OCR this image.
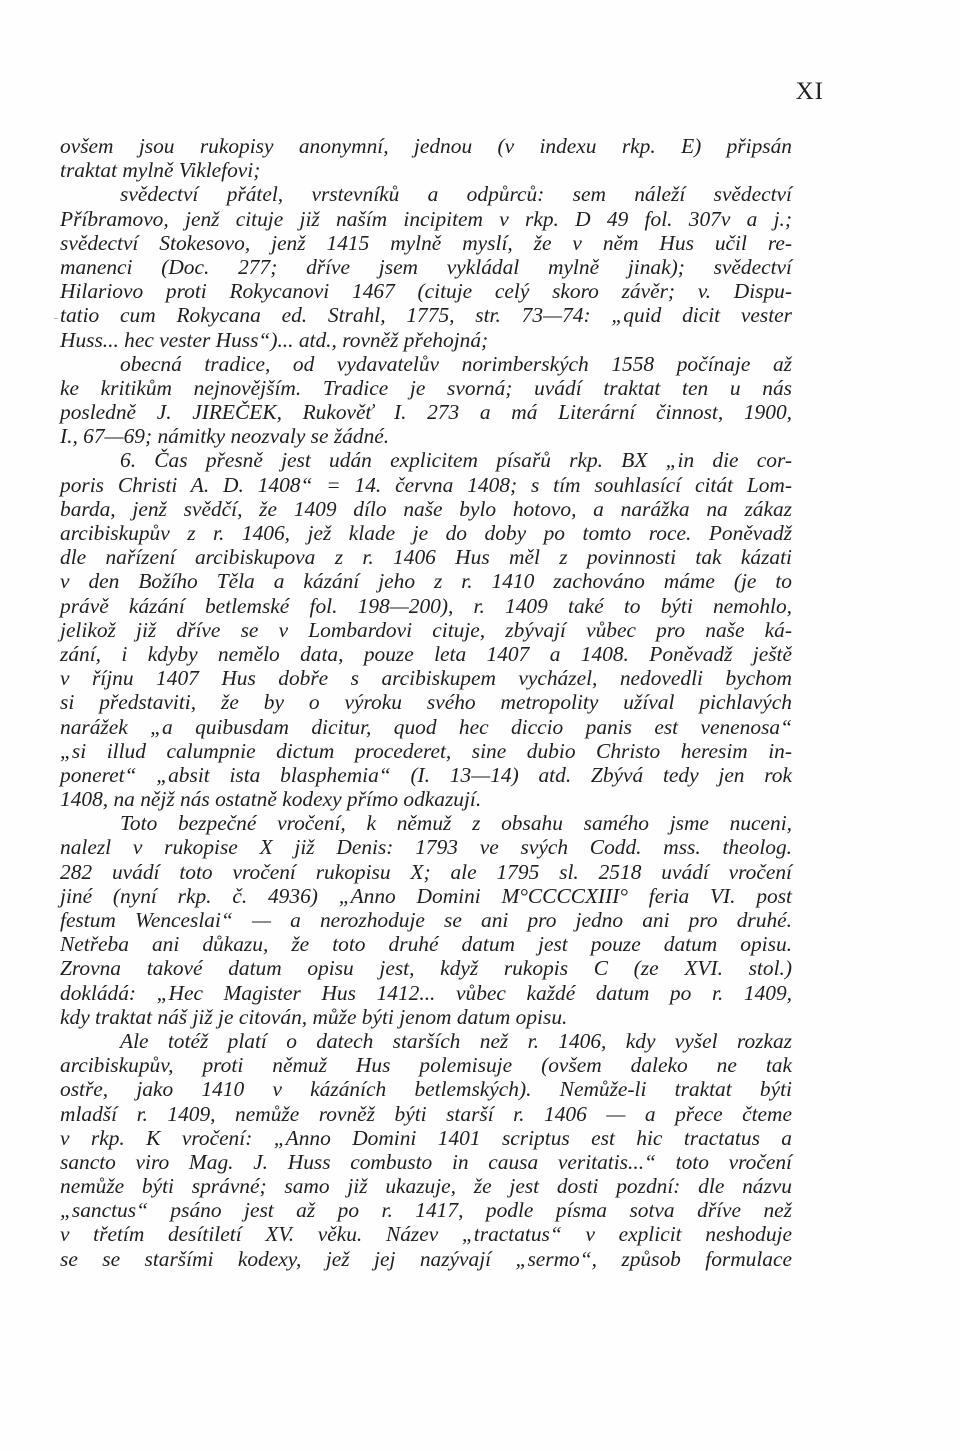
XI
ovšem jsou rukopisy anonymní, jednou (v indexu rkp. E) připsán
traktat mylně Viklefovi;
svědectví přátel, vrstevníků a odpůrců: sem náleží svědectví
Příbramovo, jenž cituje již naším incipitem v rkp. D 49 fol. 307v a j.;
svědectví Stokesovo, jenž 1415 mylně myslí, že v něm Hus učil re-
manenci (Doc. 277; dříve jsem vykládal mylně jinak); svědectví
Hilariovo proti Rokycanovi 1467 (cituje celý skoro závěr; v. Dispu-
tatio cum Rokycana ed. Strahl, 1775, str. 73—74: „quid dicit vester
Huss... hec vester Huss“)... atd., rovněž přehojná;
obecná tradice, od vydavatelův norimberských 1558 počínaje až
ke kritikům nejnovějším. Tradice je svorná; uvádí traktat ten u nás
posledně J. JIREČEK, Rukověť I. 273 a má Literární činnost, 1900,
I., 67—69; námitky neozvaly se žádné.
6. Čas přesně jest udán explicitem písařů rkp. BX „in die cor-
poris Christi A. D. 1408“ = 14. června 1408; s tím souhlasící citát Lom-
barda, jenž svědčí, že 1409 dílo naše bylo hotovo, a narážka na zákaz
arcibiskupův z r. 1406, jež klade je do doby po tomto roce. Poněvadž
dle nařízení arcibiskupova z r. 1406 Hus měl z povinnosti tak kázati
v den Božího Těla a kázání jeho z r. 1410 zachováno máme (je to
právě kázání betlemské fol. 198—200), r. 1409 také to býti nemohlo,
jelikož již dříve se v Lombardovi cituje, zbývají vůbec pro naše ká-
zání, i kdyby nemělo data, pouze leta 1407 a 1408. Poněvadž ještě
v říjnu 1407 Hus dobře s arcibiskupem vycházel, nedovedli bychom
si představiti, že by o výroku svého metropolity užíval pichlavých
narážek „a quibusdam dicitur, quod hec diccio panis est venenosa“
„si illud calumpnie dictum procederet, sine dubio Christo heresim in-
poneret“ „absit ista blasphemia“ (I. 13—14) atd. Zbývá tedy jen rok
1408, na nějž nás ostatně kodexy přímo odkazují.
Toto bezpečné vročení, k němuž z obsahu samého jsme nuceni,
nalezl v rukopise X již Denis: 1793 ve svých Codd. mss. theolog.
282 uvádí toto vročení rukopisu X; ale 1795 sl. 2518 uvádí vročení
jiné (nyní rkp. č. 4936) „Anno Domini M°CCCCXIII° feria VI. post
festum Wenceslai“ — a nerozhoduje se ani pro jedno ani pro druhé.
Netřeba ani důkazu, že toto druhé datum jest pouze datum opisu.
Zrovna takové datum opisu jest, když rukopis C (ze XVI. stol.)
dokládá: „Hec Magister Hus 1412... vůbec každé datum po r. 1409,
kdy traktat náš již je citován, může býti jenom datum opisu.
Ale totéž platí o datech starších než r. 1406, kdy vyšel rozkaz
arcibiskupův, proti němuž Hus polemisuje (ovšem daleko ne tak
ostře, jako 1410 v kázáních betlemských). Nemůže-li traktat býti
mladší r. 1409, nemůže rovněž býti starší r. 1406 — a přece čteme
v rkp. K vročení: „Anno Domini 1401 scriptus est hic tractatus a
sancto viro Mag. J. Huss combusto in causa veritatis...“ toto vročení
nemůže býti správné; samo již ukazuje, že jest dosti pozdní: dle názvu
„sanctus“ psáno jest až po r. 1417, podle písma sotva dříve než
v třetím desítiletí XV. věku. Název „tractatus“ v explicit neshoduje
se se staršími kodexy, jež jej nazývají „sermo“, způsob formulace
